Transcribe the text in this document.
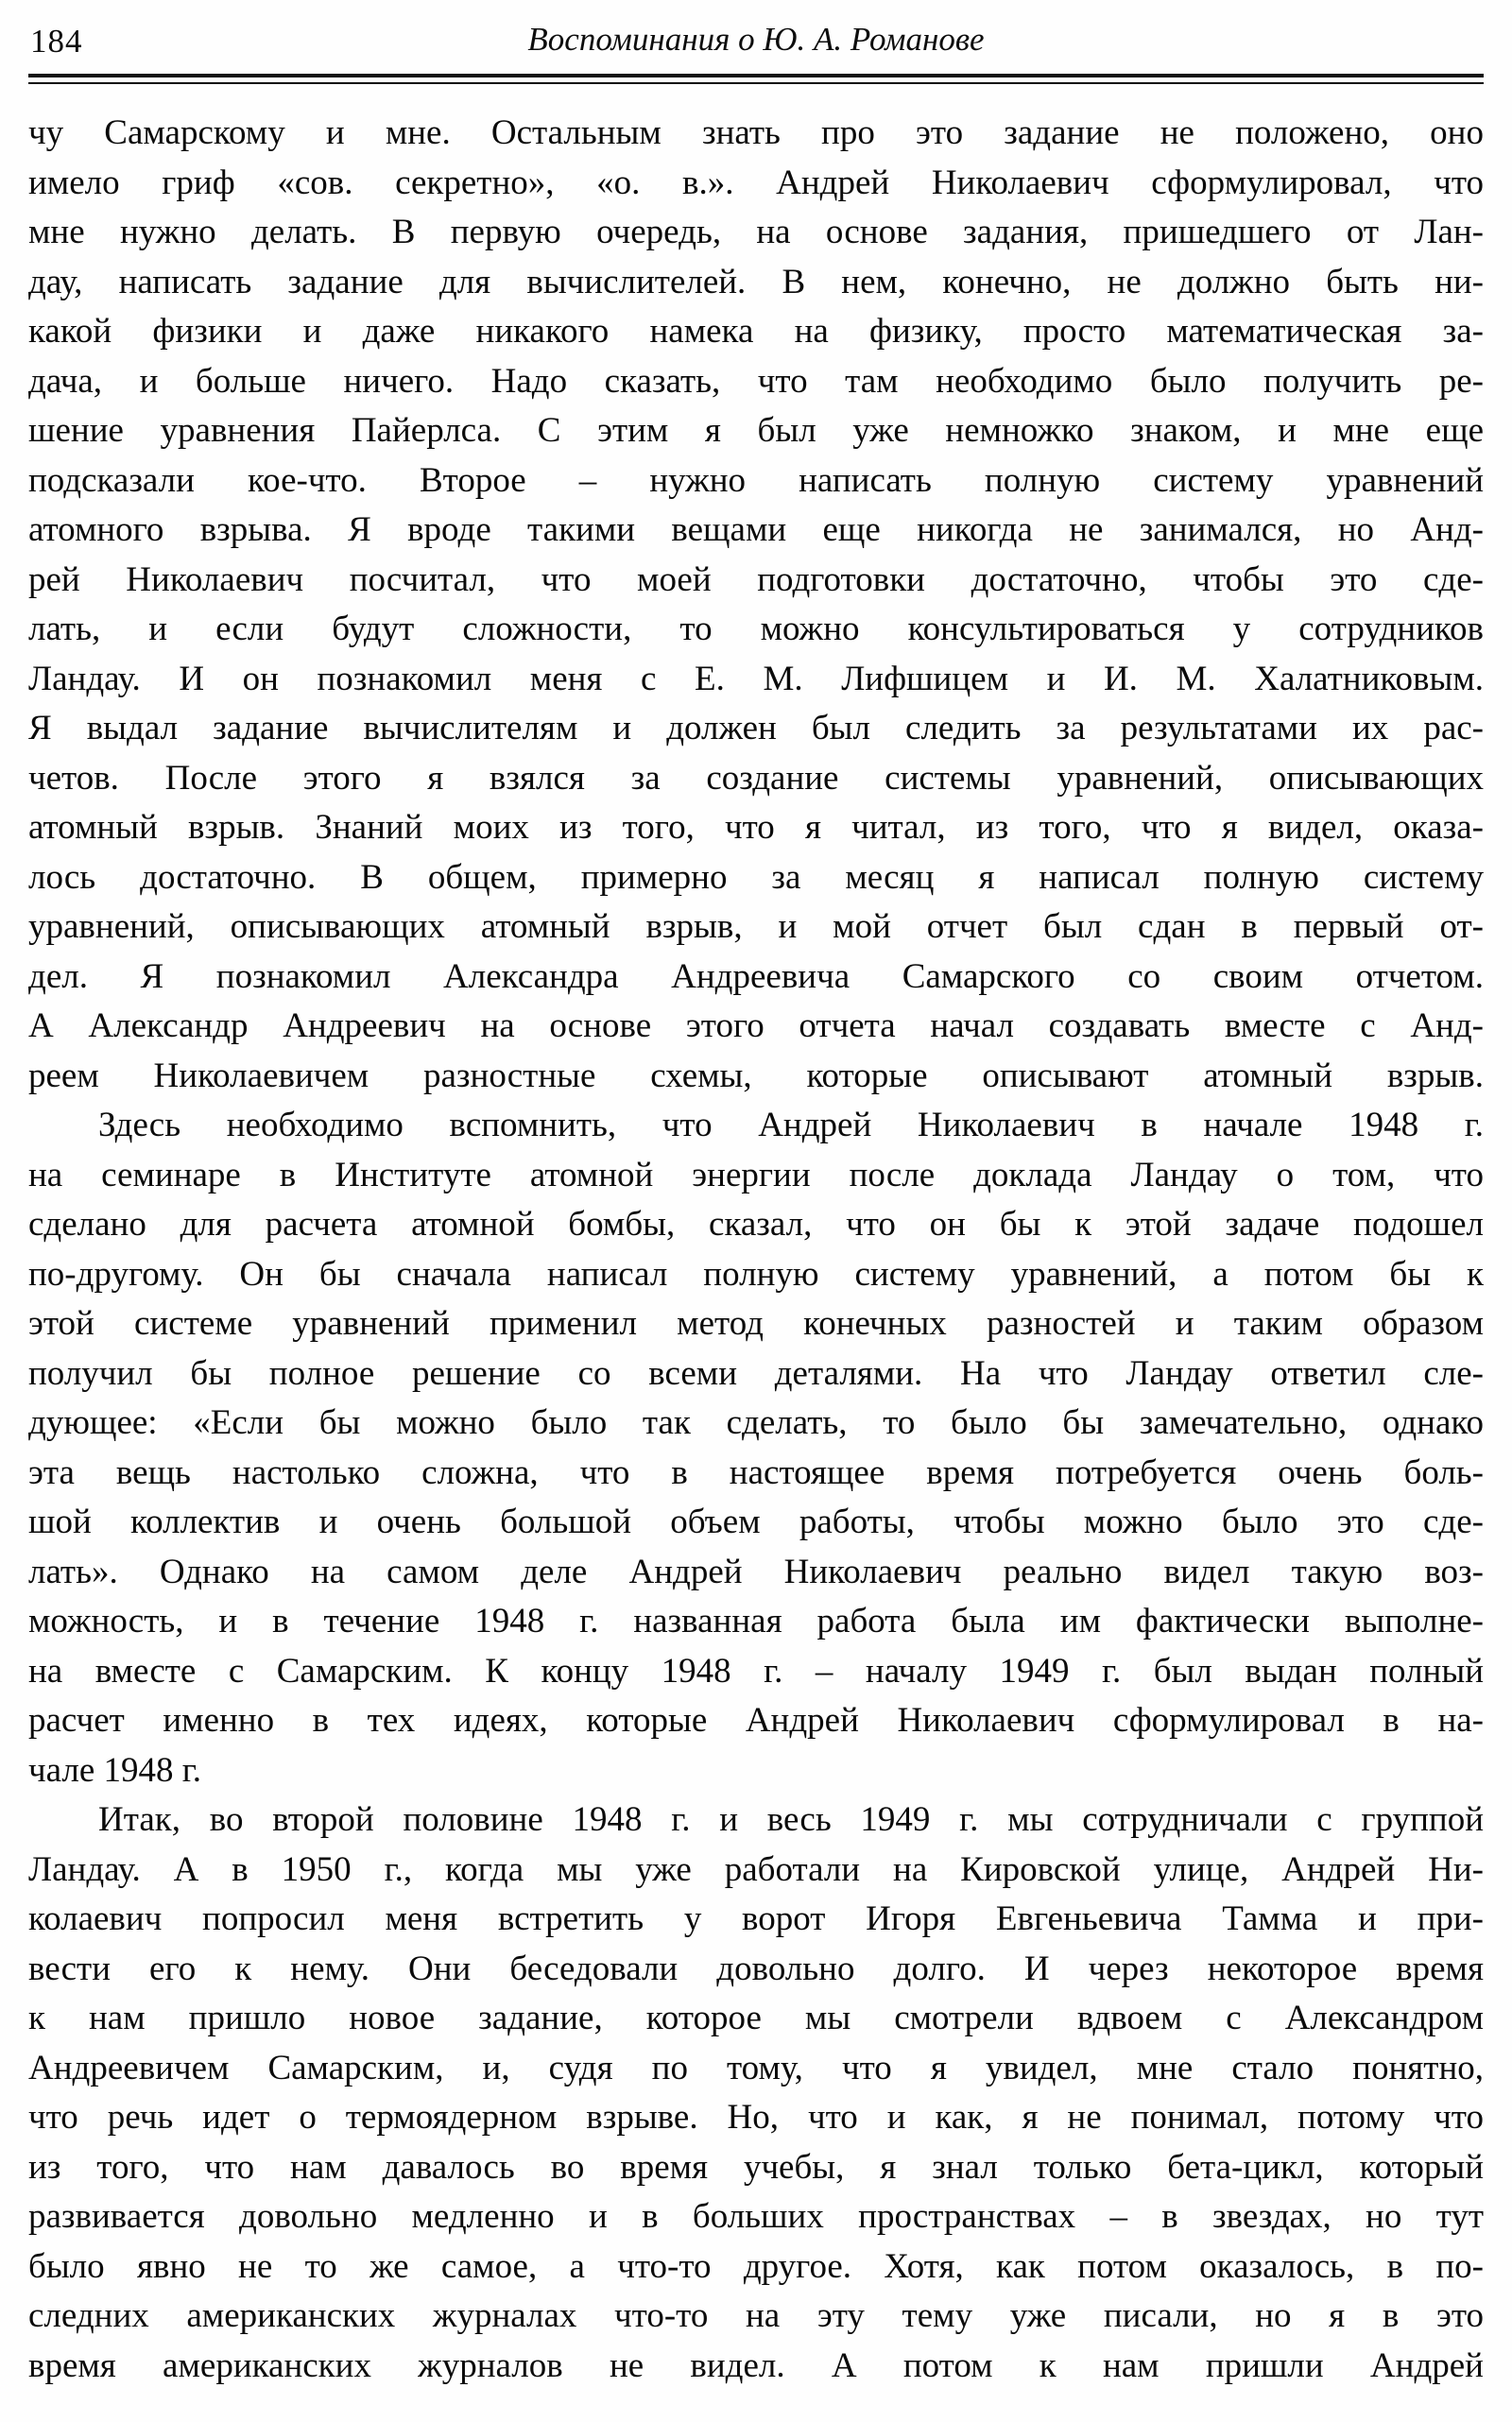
184	Воспоминания о Ю. А. Романове
чу Самарскому и мне. Остальным знать про это задание не положено, оно
имело гриф «сов. секретно», «о. в.». Андрей Николаевич сформулировал, что
мне нужно делать. В первую очередь, на основе задания, пришедшего от Лан-
дау, написать задание для вычислителей. В нем, конечно, не должно быть ни-
какой физики и даже никакого намека на физику, просто математическая за-
дача, и больше ничего. Надо сказать, что там необходимо было получить ре-
шение уравнения Пайерлса. С этим я был уже немножко знаком, и мне еще
подсказали кое-что. Второе – нужно написать полную систему уравнений
атомного взрыва. Я вроде такими вещами еще никогда не занимался, но Анд-
рей Николаевич посчитал, что моей подготовки достаточно, чтобы это сде-
лать, и если будут сложности, то можно консультироваться у сотрудников
Ландау. И он познакомил меня с Е. М. Лифшицем и И. М. Халатниковым.
Я выдал задание вычислителям и должен был следить за результатами их рас-
четов. После этого я взялся за создание системы уравнений, описывающих
атомный взрыв. Знаний моих из того, что я читал, из того, что я видел, оказа-
лось достаточно. В общем, примерно за месяц я написал полную систему
уравнений, описывающих атомный взрыв, и мой отчет был сдан в первый от-
дел. Я познакомил Александра Андреевича Самарского со своим отчетом.
А Александр Андреевич на основе этого отчета начал создавать вместе с Анд-
реем Николаевичем разностные схемы, которые описывают атомный взрыв.
Здесь необходимо вспомнить, что Андрей Николаевич в начале 1948 г.
на семинаре в Институте атомной энергии после доклада Ландау о том, что
сделано для расчета атомной бомбы, сказал, что он бы к этой задаче подошел
по-другому. Он бы сначала написал полную систему уравнений, а потом бы к
этой системе уравнений применил метод конечных разностей и таким образом
получил бы полное решение со всеми деталями. На что Ландау ответил сле-
дующее: «Если бы можно было так сделать, то было бы замечательно, однако
эта вещь настолько сложна, что в настоящее время потребуется очень боль-
шой коллектив и очень большой объем работы, чтобы можно было это сде-
лать». Однако на самом деле Андрей Николаевич реально видел такую воз-
можность, и в течение 1948 г. названная работа была им фактически выполне-
на вместе с Самарским. К концу 1948 г. – началу 1949 г. был выдан полный
расчет именно в тех идеях, которые Андрей Николаевич сформулировал в на-
чале 1948 г.
Итак, во второй половине 1948 г. и весь 1949 г. мы сотрудничали с группой
Ландау. А в 1950 г., когда мы уже работали на Кировской улице, Андрей Ни-
колаевич попросил меня встретить у ворот Игоря Евгеньевича Тамма и при-
вести его к нему. Они беседовали довольно долго. И через некоторое время
к нам пришло новое задание, которое мы смотрели вдвоем с Александром
Андреевичем Самарским, и, судя по тому, что я увидел, мне стало понятно,
что речь идет о термоядерном взрыве. Но, что и как, я не понимал, потому что
из того, что нам давалось во время учебы, я знал только бета-цикл, который
развивается довольно медленно и в больших пространствах – в звездах, но тут
было явно не то же самое, а что-то другое. Хотя, как потом оказалось, в по-
следних американских журналах что-то на эту тему уже писали, но я в это
время американских журналов не видел. А потом к нам пришли Андрей
